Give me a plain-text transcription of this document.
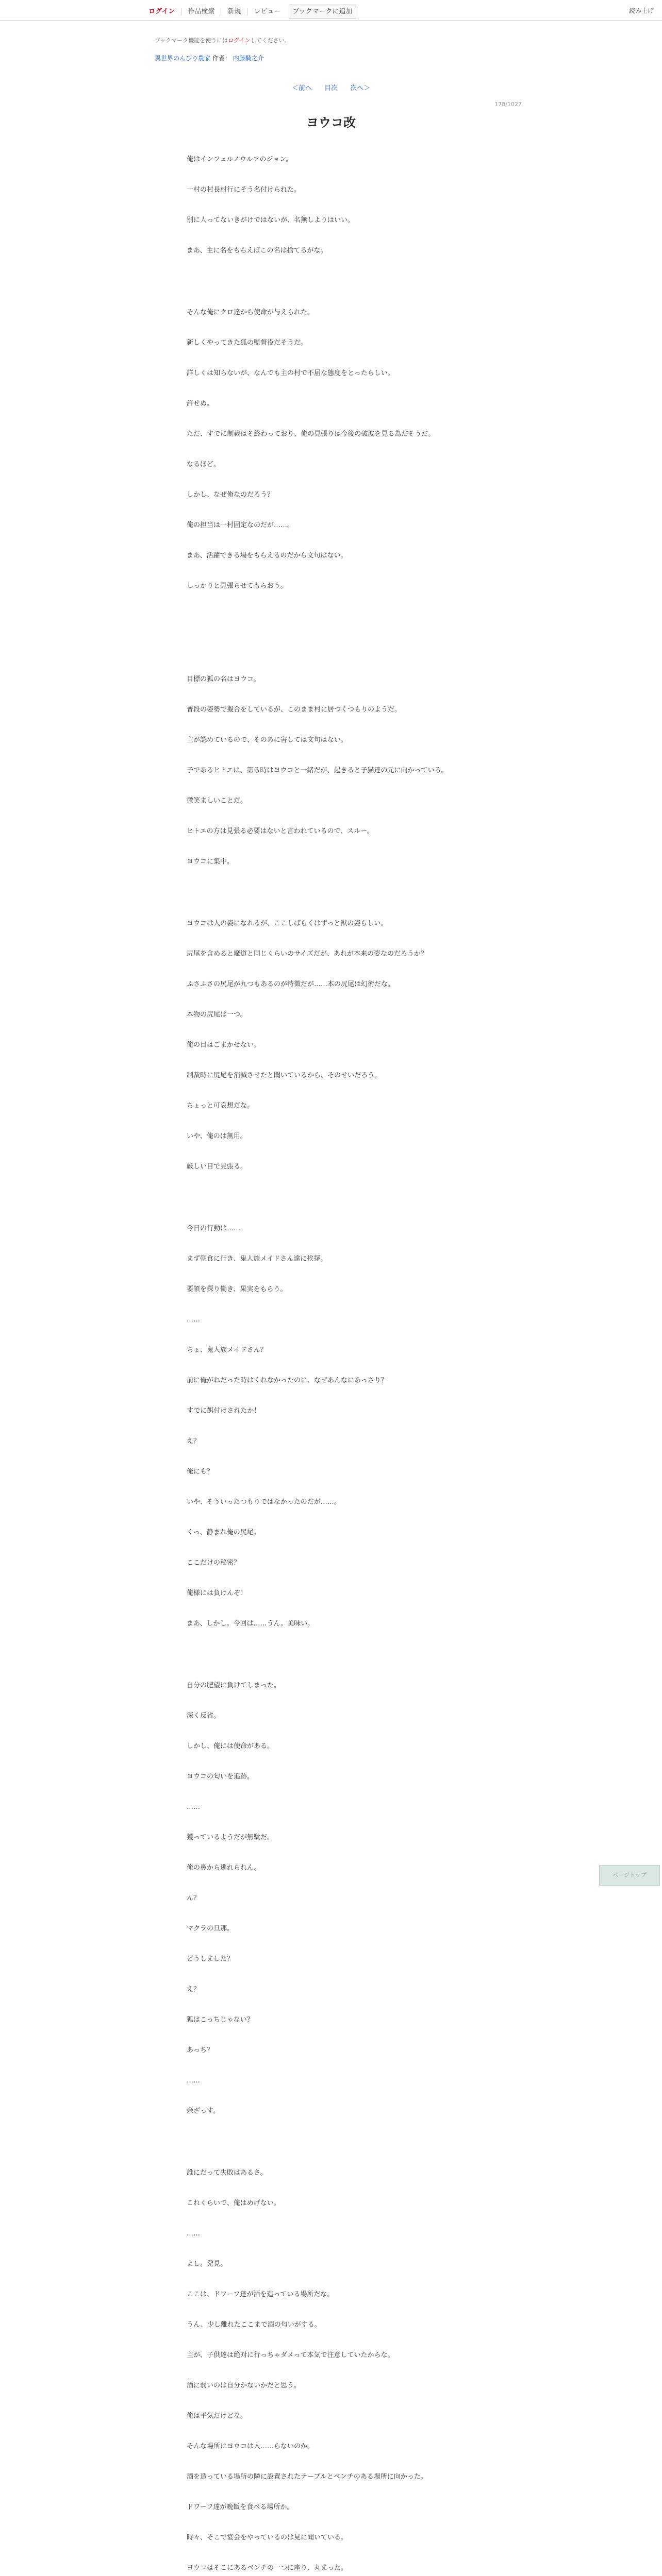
ログイン	作品検索	新規	レビュー	ブックマークに追加	読み上げ
ブックマーク機能を使うにはログインしてください。
異世界のんびり農家 作者： 内藤騎之介
＜前へ 目次 次へ＞
178/1027
ヨウコ改

俺はインフェルノウルフのジョン。

一村の村長村行にそう名付けられた。

別に人ってないきがけではないが、名無しよりはいい。

まあ、主に名をもらえばこの名は捨てるがな。

そんな俺にクロ達から使命が与えられた。

新しくやってきた狐の監督役だそうだ。

詳しくは知らないが、なんでも主の村で不届な態度をとったらしい。

許せぬ。

ただ、すでに制裁はそ終わっており、俺の見張りは今後の破波を見る為だそうだ。

なるほど。

しかし、なぜ俺なのだろう？

俺の担当は一村固定なのだが……。

まあ、活躍できる場をもらえるのだから文句はない。

しっかりと見張らせてもらおう。

目標の狐の名はヨウコ。

普段の姿勢で擬合をしているが、このまま村に居つくつもりのようだ。

主が認めているので、そのあに害しては文句はない。

子であるヒトエは、第る時はヨウコと一緒だが、起きると子猫達の元に向かっている。

微笑ましいことだ。

ヒトエの方は見張る必要はないと言われているので、スルー。

ヨウコに集中。

ヨウコは人の姿になれるが、ここしばらくはずっと獣の姿らしい。

尻尾を含めると魔道と同じくらいのサイズだが、あれが本来の姿なのだろうか？

ふさふさの尻尾が九つもあるのが特徴だが……本の尻尾は幻術だな。

本物の尻尾は一つ。

俺の目はごまかせない。

制裁時に尻尾を消滅させたと聞いているから、そのせいだろう。

ちょっと可哀想だな。

いや、俺のは無用。

厳しい目で見張る。

今日の行動は……。

まず朝食に行き、鬼人族メイドさん達に挨拶。

要領を探り働き、果実をもらう。

……

ちょ、鬼人族メイドさん？

前に俺がねだった時はくれなかったのに、なぜあんなにあっさり？

すでに餌付けされたか！

え？

俺にも？

いや、そういったつもりではなかったのだが……。

くっ、静まれ俺の尻尾。

ここだけの秘密？

俺様には負けんぞ！

まあ、しかし。今回は……うん。美味い。

自分の肥望に負けてしまった。

深く反省。

しかし、俺には使命がある。

ヨウコの匂いを追跡。

……

獲っているようだが無駄だ。

俺の鼻から逃れられん。

ん？

マクラの旦那。

どうしました？

え？

狐はこっちじゃない？

あっち？

……

余ざっす。

誰にだって失敗はあるさ。

これくらいで、俺はめげない。

……

よし。発見。

ここは、ドワーフ達が酒を造っている場所だな。

うん、少し離れたここまで酒の匂いがする。

主が、子供達は絶対に行っちゃダメって本気で注意していたからな。

酒に弱いのは自分かないかだと思う。

俺は平気だけどな。

そんな場所にヨウコは入……らないのか。

酒を造っている場所の隣に設置されたテーブルとベンチのある場所に向かった。

ドワーフ達が晩飯を食べる場所か。

時々、そこで宴会をやっているのは見に聞いている。

ヨウコはそこにあるベンチの一つに座り、丸まった。

ページトップ
